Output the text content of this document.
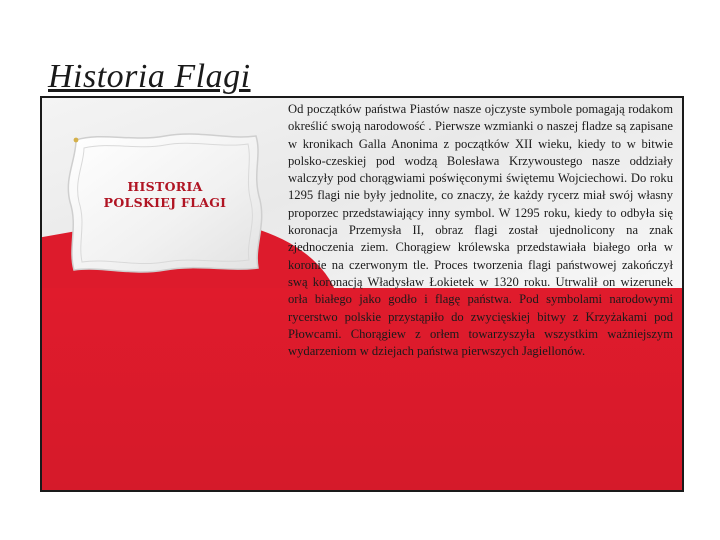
Historia Flagi
HISTORIA
POLSKIEJ FLAGI
Od początków państwa Piastów nasze ojczyste symbole pomagają rodakom określić swoją narodowość . Pierwsze wzmianki o naszej fladze są zapisane w kronikach Galla Anonima z początków XII wieku, kiedy to w bitwie polsko-czeskiej pod wodzą Bolesława Krzywoustego nasze oddziały walczyły pod chorągwiami poświęconymi świętemu Wojciechowi. Do roku 1295 flagi nie były jednolite, co znaczy, że każdy rycerz miał swój własny proporzec przedstawiający inny symbol. W 1295 roku, kiedy to odbyła się koronacja Przemysła II, obraz flagi został ujednolicony na znak zjednoczenia ziem. Chorągiew królewska przedstawiała białego orła w koronie na czerwonym tle. Proces tworzenia flagi państwowej zakończył swą koronacją Władysław Łokietek w 1320 roku. Utrwalił on wizerunek orła białego jako godło i flagę państwa. Pod symbolami narodowymi rycerstwo polskie przystąpiło do zwycięskiej bitwy z Krzyżakami pod Płowcami. Chorągiew z orłem towarzyszyła wszystkim ważniejszym wydarzeniom w dziejach państwa pierwszych Jagiellonów.
